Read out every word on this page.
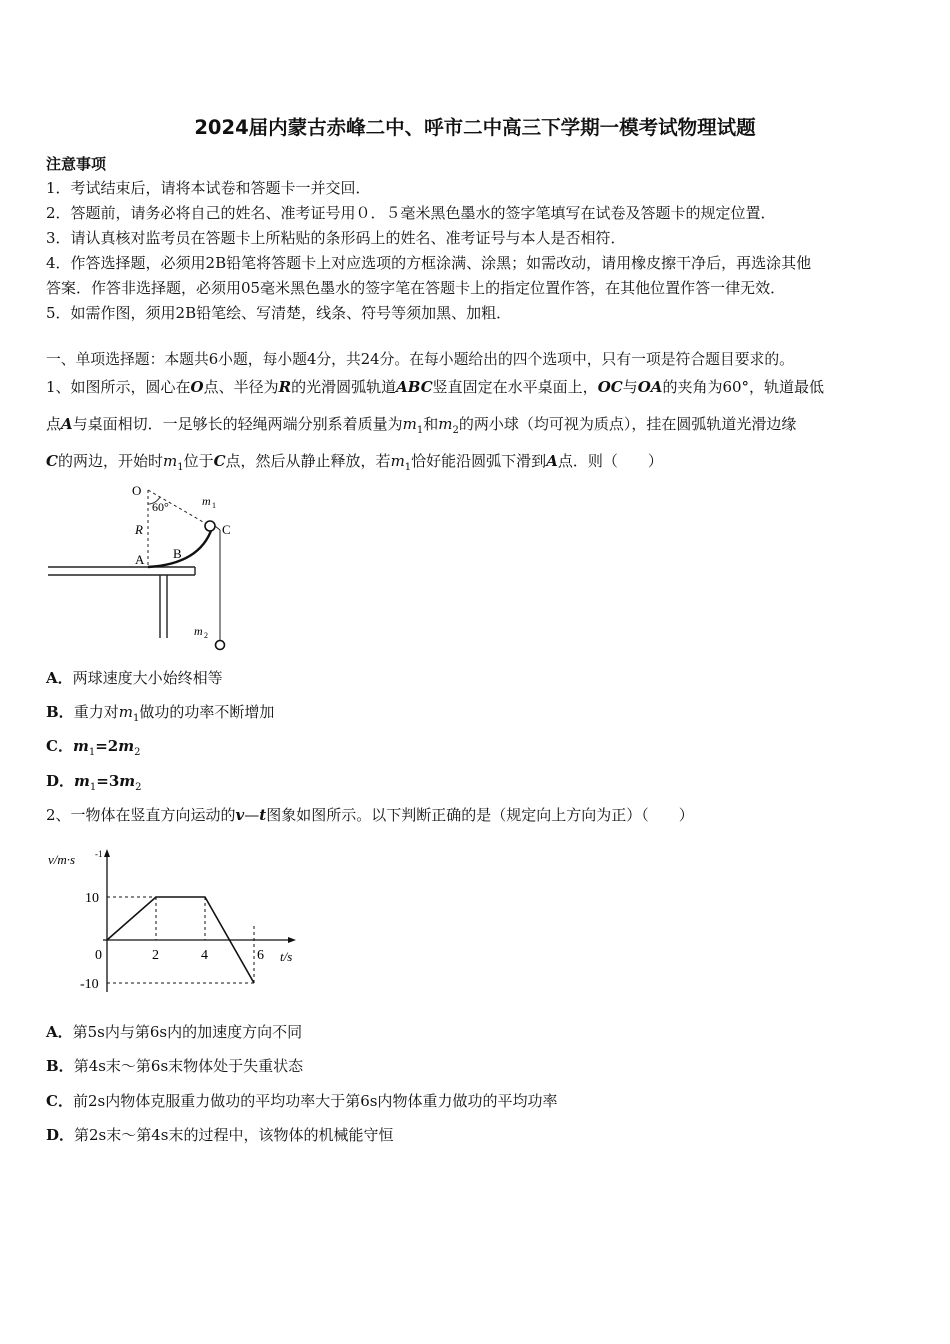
2024届内蒙古赤峰二中、呼市二中高三下学期一模考试物理试题
注意事项
1．考试结束后，请将本试卷和答题卡一并交回．
2．答题前，请务必将自己的姓名、准考证号用０．５毫米黑色墨水的签字笔填写在试卷及答题卡的规定位置．
3．请认真核对监考员在答题卡上所粘贴的条形码上的姓名、准考证号与本人是否相符．
4．作答选择题，必须用2B铅笔将答题卡上对应选项的方框涂满、涂黑；如需改动，请用橡皮擦干净后，再选涂其他
答案．作答非选择题，必须用05毫米黑色墨水的签字笔在答题卡上的指定位置作答，在其他位置作答一律无效．
5．如需作图，须用2B铅笔绘、写清楚，线条、符号等须加黑、加粗．
一、单项选择题：本题共6小题，每小题4分，共24分。在每小题给出的四个选项中，只有一项是符合题目要求的。
1、如图所示，圆心在O点、半径为R的光滑圆弧轨道ABC竖直固定在水平桌面上，OC与OA的夹角为60°，轨道最低
点A与桌面相切．一足够长的轻绳两端分别系着质量为$m_1$和$m_2$的两小球（均可视为质点），挂在圆弧轨道光滑边缘
C的两边，开始时$m_1$位于C点，然后从静止释放，若$m_1$恰好能沿圆弧下滑到A点．则（　　）
O
60°
R
m 1
C
B
A
m 2
A．两球速度大小始终相等
B．重力对$m_1$做功的功率不断增加
C．$m_1=2m_2$
D．$m_1=3m_2$
2、一物体在竖直方向运动的v—t图象如图所示。以下判断正确的是（规定向上方向为正）（　　）
v/m·s -1
t/s
10
-10
0	2	4	6
A．第5s内与第6s内的加速度方向不同
B．第4s末～第6s末物体处于失重状态
C．前2s内物体克服重力做功的平均功率大于第6s内物体重力做功的平均功率
D．第2s末～第4s末的过程中，该物体的机械能守恒
